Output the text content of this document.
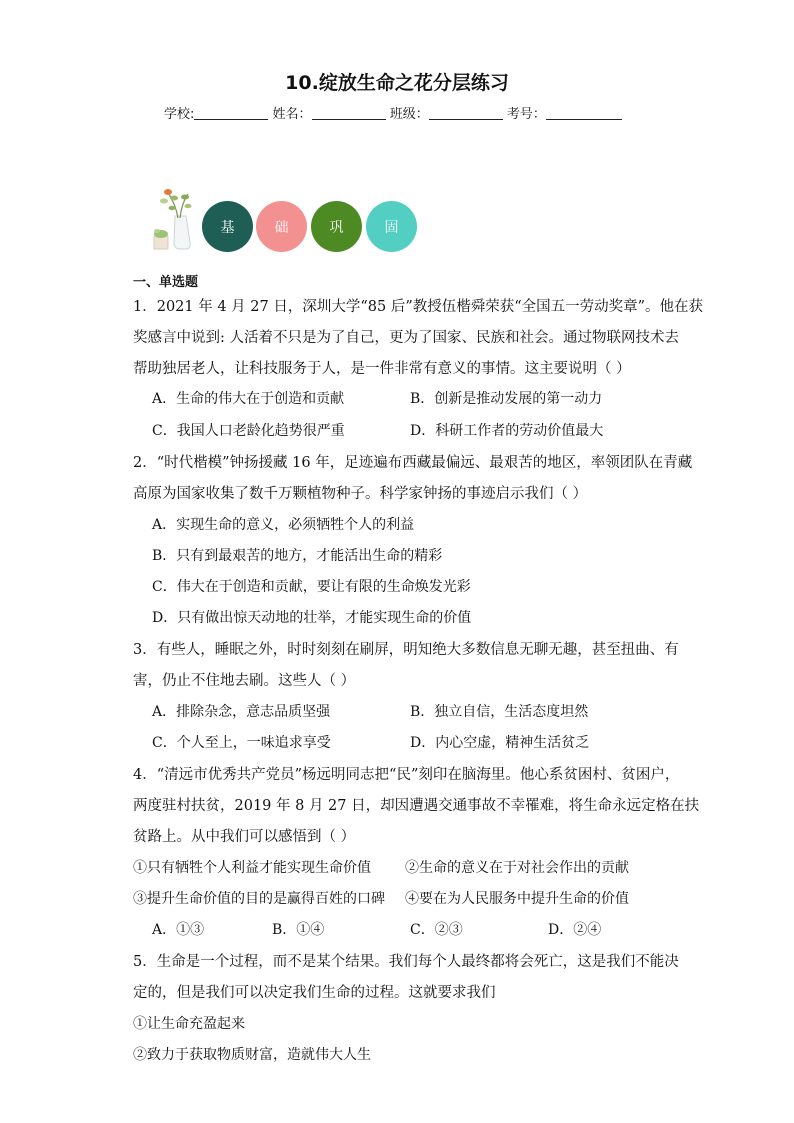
10.绽放生命之花分层练习
学校:	姓名：	班级：	考号：
基	础	巩	固
一、单选题
1．2021 年 4 月 27 日，深圳大学“85 后”教授伍楷舜荣获“全国五一劳动奖章”。他在获
奖感言中说到: 人活着不只是为了自己，更为了国家、民族和社会。通过物联网技术去
帮助独居老人，让科技服务于人，是一件非常有意义的事情。这主要说明（ ）
A．生命的伟大在于创造和贡献	B．创新是推动发展的第一动力
C．我国人口老龄化趋势很严重	D．科研工作者的劳动价值最大
2．“时代楷模”钟扬援藏 16 年，足迹遍布西藏最偏远、最艰苦的地区，率领团队在青藏
高原为国家收集了数千万颗植物种子。科学家钟扬的事迹启示我们（ ）
A．实现生命的意义，必须牺牲个人的利益
B．只有到最艰苦的地方，才能活出生命的精彩
C．伟大在于创造和贡献，要让有限的生命焕发光彩
D．只有做出惊天动地的壮举，才能实现生命的价值
3．有些人，睡眠之外，时时刻刻在刷屏，明知绝大多数信息无聊无趣，甚至扭曲、有
害，仍止不住地去刷。这些人（ ）
A．排除杂念，意志品质坚强	B．独立自信，生活态度坦然
C．个人至上，一味追求享受	D．内心空虚，精神生活贫乏
4．“清远市优秀共产党员”杨远明同志把“民”刻印在脑海里。他心系贫困村、贫困户，
两度驻村扶贫，2019 年 8 月 27 日，却因遭遇交通事故不幸罹难，将生命永远定格在扶
贫路上。从中我们可以感悟到（ ）
①只有牺牲个人利益才能实现生命价值 ②生命的意义在于对社会作出的贡献
③提升生命价值的目的是赢得百姓的口碑 ④要在为人民服务中提升生命的价值
A．①③	B．①④	C．②③	D．②④
5．生命是一个过程，而不是某个结果。我们每个人最终都将会死亡，这是我们不能决
定的，但是我们可以决定我们生命的过程。这就要求我们
①让生命充盈起来
②致力于获取物质财富，造就伟大人生
